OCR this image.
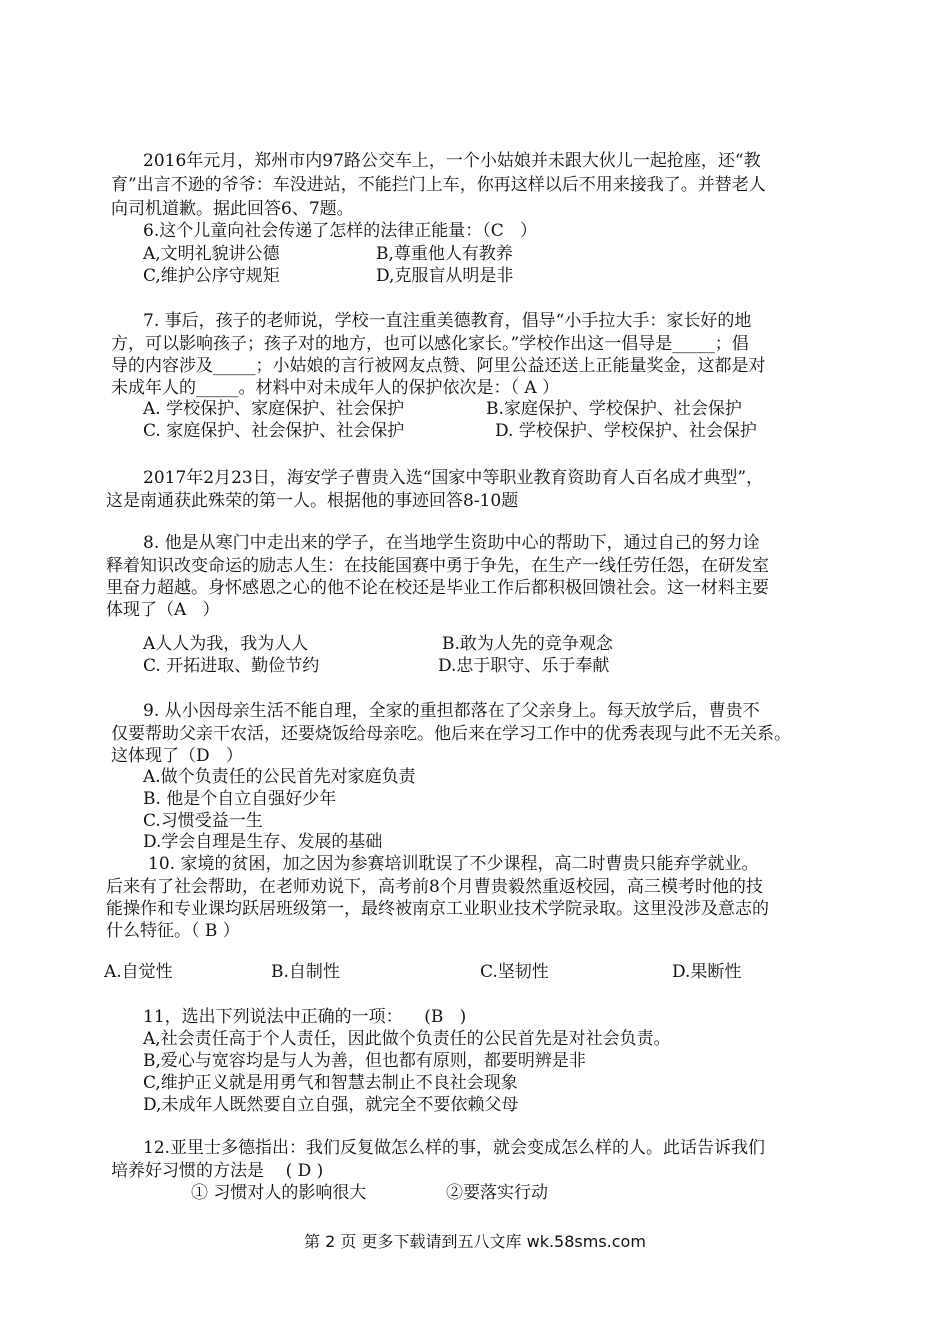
2016年元月，郑州市内97路公交车上，一个小姑娘并未跟大伙儿一起抢座，还“教
育”出言不逊的爷爷：车没进站，不能拦门上车，你再这样以后不用来接我了。并替老人
向司机道歉。据此回答6、7题。
6.这个儿童向社会传递了怎样的法律正能量：（C   ）
A,文明礼貌讲公德	B,尊重他人有教养
C,维护公序守规矩	D,克服盲从明是非
7. 事后，孩子的老师说，学校一直注重美德教育，倡导“小手拉大手：家长好的地
方，可以影响孩子；孩子对的地方，也可以感化家长。”学校作出这一倡导是_____；倡
导的内容涉及_____；小姑娘的言行被网友点赞、阿里公益还送上正能量奖金，这都是对
未成年人的_____。材料中对未成年人的保护依次是：（ A ）
A. 学校保护、家庭保护、社会保护	B.家庭保护、学校保护、社会保护
C. 家庭保护、社会保护、社会保护	D. 学校保护、学校保护、社会保护
2017年2月23日，海安学子曹贵入选“国家中等职业教育资助育人百名成才典型”，
这是南通获此殊荣的第一人。根据他的事迹回答8-10题
8. 他是从寒门中走出来的学子，在当地学生资助中心的帮助下，通过自己的努力诠
释着知识改变命运的励志人生：在技能国赛中勇于争先，在生产一线任劳任怨，在研发室
里奋力超越。身怀感恩之心的他不论在校还是毕业工作后都积极回馈社会。这一材料主要
体现了（A   ）
A人人为我，我为人人	B.敢为人先的竞争观念
C. 开拓进取、勤俭节约	D.忠于职守、乐于奉献
9. 从小因母亲生活不能自理，全家的重担都落在了父亲身上。每天放学后，曹贵不
仅要帮助父亲干农活，还要烧饭给母亲吃。他后来在学习工作中的优秀表现与此不无关系。
这体现了（D   ）
A.做个负责任的公民首先对家庭负责
B. 他是个自立自强好少年
C.习惯受益一生
D.学会自理是生存、发展的基础
10. 家境的贫困，加之因为参赛培训耽误了不少课程，高二时曹贵只能弃学就业。
后来有了社会帮助，在老师劝说下，高考前8个月曹贵毅然重返校园，高三模考时他的技
能操作和专业课均跃居班级第一，最终被南京工业职业技术学院录取。这里没涉及意志的
什么特征。（ B ）
A.自觉性	B.自制性	C.坚韧性	D.果断性
11，选出下列说法中正确的一项：    (B   )
A,社会责任高于个人责任，因此做个负责任的公民首先是对社会负责。
B,爱心与宽容均是与人为善，但也都有原则，都要明辨是非
C,维护正义就是用勇气和智慧去制止不良社会现象
D,未成年人既然要自立自强，就完全不要依赖父母
12.亚里士多德指出：我们反复做怎么样的事，就会变成怎么样的人。此话告诉我们
培养好习惯的方法是    ( D )
① 习惯对人的影响很大	②要落实行动
第 2 页 更多下载请到五八文库 wk.58sms.com
